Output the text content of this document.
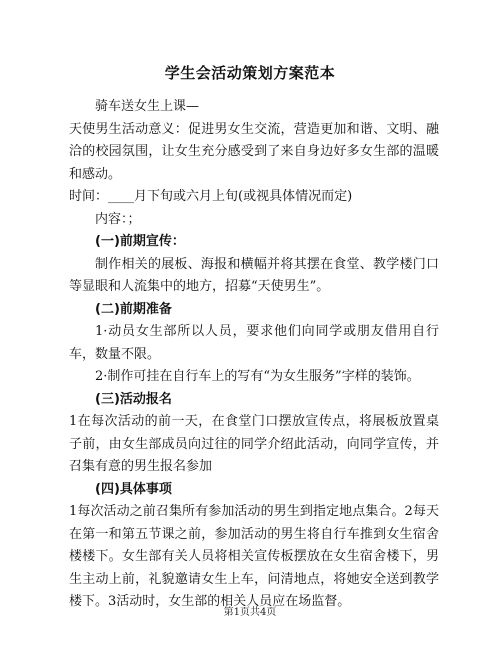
学生会活动策划方案范本

骑车送女生上课—

天使男生活动意义：促进男女生交流，营造更加和谐、文明、融洽的校园氛围，让女生充分感受到了来自身边好多女生部的温暖和感动。

时间：____月下旬或六月上旬(或视具体情况而定)

内容：；

(一)前期宣传：

制作相关的展板、海报和横幅并将其摆在食堂、教学楼门口等显眼和人流集中的地方，招募“天使男生”。

(二)前期准备

1·动员女生部所以人员，要求他们向同学或朋友借用自行车，数量不限。

2·制作可挂在自行车上的写有“为女生服务”字样的装饰。

(三)活动报名

1在每次活动的前一天，在食堂门口摆放宣传点，将展板放置桌子前，由女生部成员向过往的同学介绍此活动，向同学宣传，并召集有意的男生报名参加

(四)具体事项

1每次活动之前召集所有参加活动的男生到指定地点集合。2每天在第一和第五节课之前，参加活动的男生将自行车推到女生宿舍楼楼下。女生部有关人员将相关宣传板摆放在女生宿舍楼下，男生主动上前，礼貌邀请女生上车，问清地点，将她安全送到教学楼下。3活动时，女生部的相关人员应在场监督。

第1页共4页
